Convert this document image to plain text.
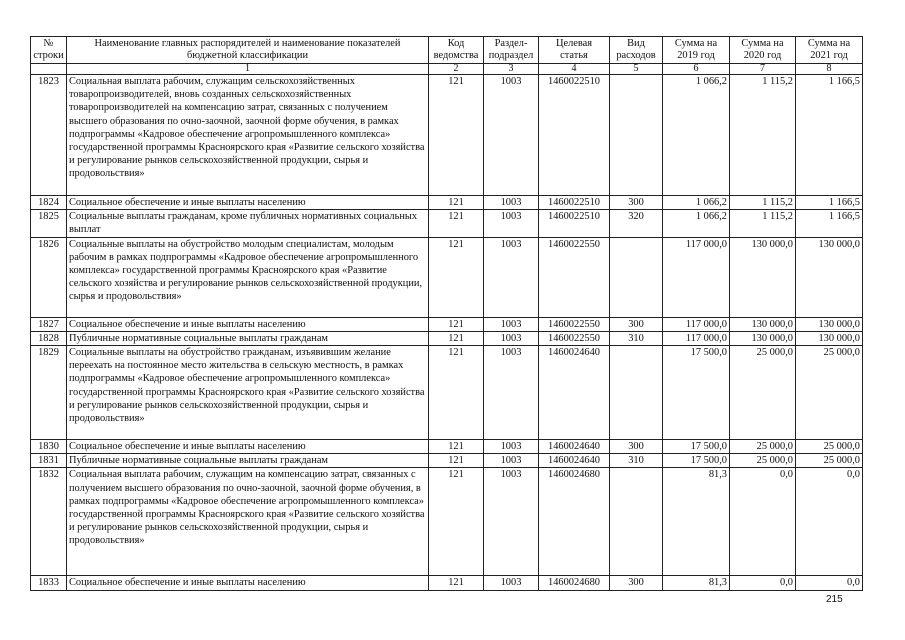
№ строки	Наименование главных распорядителей и наименование показателей бюджетной классификации	Код ведомства	Раздел-подраздел	Целевая статья	Вид расходов	Сумма на 2019 год	Сумма на 2020 год	Сумма на 2021 год
	1	2	3	4	5	6	7	8
1823	Социальная выплата рабочим, служащим сельскохозяйственных товаропроизводителей, вновь созданных сельскохозяйственных товаропроизводителей на компенсацию затрат, связанных с получением высшего образования по очно-заочной, заочной форме обучения, в рамках подпрограммы «Кадровое обеспечение агропромышленного комплекса» государственной программы Красноярского края «Развитие сельского хозяйства и регулирование рынков сельскохозяйственной продукции, сырья и продовольствия»	121	1003	1460022510		1 066,2	1 115,2	1 166,5
1824	Социальное обеспечение и иные выплаты населению	121	1003	1460022510	300	1 066,2	1 115,2	1 166,5
1825	Социальные выплаты гражданам, кроме публичных нормативных социальных выплат	121	1003	1460022510	320	1 066,2	1 115,2	1 166,5
1826	Социальные выплаты на обустройство молодым специалистам, молодым рабочим в рамках подпрограммы «Кадровое обеспечение агропромышленного комплекса» государственной программы Красноярского края «Развитие сельского хозяйства и регулирование рынков сельскохозяйственной продукции, сырья и продовольствия»	121	1003	1460022550		117 000,0	130 000,0	130 000,0
1827	Социальное обеспечение и иные выплаты населению	121	1003	1460022550	300	117 000,0	130 000,0	130 000,0
1828	Публичные нормативные социальные выплаты гражданам	121	1003	1460022550	310	117 000,0	130 000,0	130 000,0
1829	Социальные выплаты на обустройство гражданам, изъявившим желание переехать на постоянное место жительства в сельскую местность, в рамках подпрограммы «Кадровое обеспечение агропромышленного комплекса» государственной программы Красноярского края «Развитие сельского хозяйства и регулирование рынков сельскохозяйственной продукции, сырья и продовольствия»	121	1003	1460024640		17 500,0	25 000,0	25 000,0
1830	Социальное обеспечение и иные выплаты населению	121	1003	1460024640	300	17 500,0	25 000,0	25 000,0
1831	Публичные нормативные социальные выплаты гражданам	121	1003	1460024640	310	17 500,0	25 000,0	25 000,0
1832	Социальная выплата рабочим, служащим на компенсацию затрат, связанных с получением высшего образования по очно-заочной, заочной форме обучения, в рамках подпрограммы «Кадровое обеспечение агропромышленного комплекса» государственной программы Красноярского края «Развитие сельского хозяйства и регулирование рынков сельскохозяйственной продукции, сырья и продовольствия»	121	1003	1460024680		81,3	0,0	0,0
1833	Социальное обеспечение и иные выплаты населению	121	1003	1460024680	300	81,3	0,0	0,0
215
